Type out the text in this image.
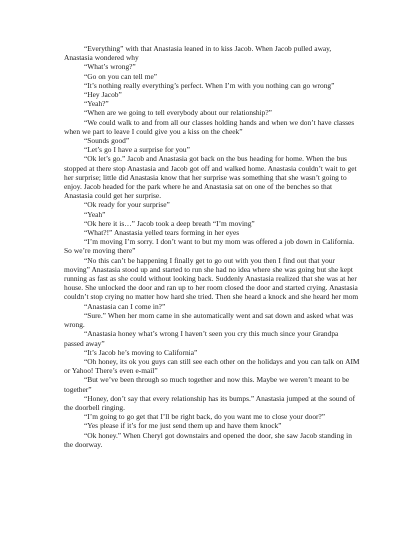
“Everything” with that Anastasia leaned in to kiss Jacob. When Jacob pulled away, Anastasia wondered why

“What’s wrong?”

“Go on you can tell me”

“It’s nothing really everything’s perfect. When I’m with you nothing can go wrong”

“Hey Jacob”

“Yeah?”

“When are we going to tell everybody about our relationship?”

“We could walk to and from all our classes holding hands and when we don’t have classes when we part to leave I could give you a kiss on the cheek”

“Sounds good”

“Let’s go I have a surprise for you”

“Ok let’s go.” Jacob and Anastasia got back on the bus heading for home. When the bus stopped at there stop Anastasia and Jacob got off and walked home. Anastasia couldn’t wait to get her surprise; little did Anastasia know that her surprise was something that she wasn’t going to enjoy. Jacob headed for the park where he and Anastasia sat on one of the benches so that Anastasia could get her surprise.

“Ok ready for your surprise”

“Yeah”

“Ok here it is…” Jacob took a deep breath “I’m moving”

“What?!” Anastasia yelled tears forming in her eyes

“I’m moving I’m sorry. I don’t want to but my mom was offered a job down in California. So we’re moving there”

“No this can’t be happening I finally get to go out with you then I find out that your moving” Anastasia stood up and started to run she had no idea where she was going but she kept running as fast as she could without looking back. Suddenly Anastasia realized that she was at her house. She unlocked the door and ran up to her room closed the door and started crying. Anastasia couldn’t stop crying no matter how hard she tried. Then she heard a knock and she heard her mom

“Anastasia can I come in?”

“Sure.” When her mom came in she automatically went and sat down and asked what was wrong.

“Anastasia honey what’s wrong I haven’t seen you cry this much since your Grandpa passed away”

“It’s Jacob he’s moving to California”

“Oh honey, its ok you guys can still see each other on the holidays and you can talk on AIM or Yahoo! There’s even e-mail”

“But we’ve been through so much together and now this. Maybe we weren’t meant to be together”

“Honey, don’t say that every relationship has its bumps.” Anastasia jumped at the sound of the doorbell ringing.

“I’m going to go get that I’ll be right back, do you want me to close your door?”

“Yes please if it’s for me just send them up and have them knock”

“Ok honey.” When Cheryl got downstairs and opened the door, she saw Jacob standing in the doorway.
